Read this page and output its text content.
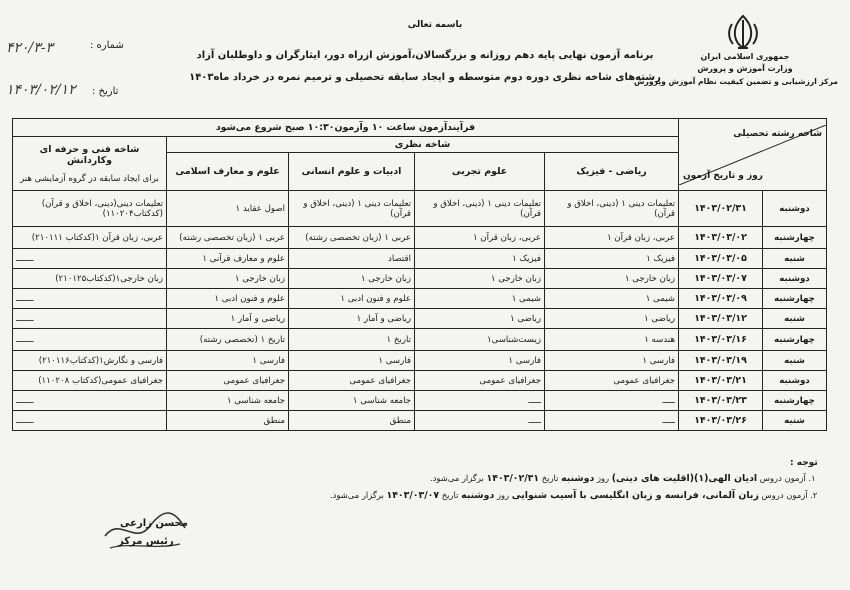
جمهوری اسلامی ایران
وزارت آموزش و پرورش
مرکز ارزشیابی و تضمین کیفیت نظام آموزش وپرورش
باسمه تعالی
برنامه آزمون نهایی پایه دهم روزانه و بزرگسالان،آموزش ازراه دور، ایثارگران و داوطلبان آزاد
رشته‌های شاخه نظری دوره دوم متوسطه و ایجاد سابقه تحصیلی و ترمیم نمره در خرداد ماه۱۴۰۳
شماره :
۴۲۰/۳-۳
تاریخ :
۱۴۰۳/۰۲/۱۲
شاخه رشته تحصیلی
روز و تاریخ آزمون		فرآیندآزمون ساعت ۱۰ وآزمون۱۰:۳۰ صبح شروع می‌شود				
		شاخه نظری				شاخه فنی و حرفه ای وکاردانش
برای ایجاد سابقه در گروه آزمایشی هنر

		ریاضی - فیزیک	علوم تجربی	ادبیات و علوم انسانی	علوم و معارف اسلامی	
دوشنبه	۱۴۰۳/۰۲/۳۱	تعلیمات دینی ۱ (دینی، اخلاق و قرآن)	تعلیمات دینی ۱ (دینی، اخلاق و قرآن)	تعلیمات دینی ۱ (دینی، اخلاق و قرآن)	اصول عقاید ۱	تعلیمات دینی(دینی، اخلاق و قرآن)(کدکتاب۱۱۰۲۰۴)
چهارشنبه	۱۴۰۳/۰۳/۰۲	عربی، زبان قرآن ۱	عربی، زبان قرآن ۱	عربی ۱ (زبان تخصصی رشته)	عربی ۱ (زبان تخصصی رشته)	عربی، زبان قرآن ۱(کدکتاب ۲۱۰۱۱۱)
شنبه	۱۴۰۳/۰۳/۰۵	فیزیک ۱	فیزیک ۱	اقتصاد	علوم و معارف قرآنی ۱	ـــــــ
دوشنبه	۱۴۰۳/۰۳/۰۷	زبان خارجی ۱	زبان خارجی ۱	زبان خارجی ۱	زبان خارجی ۱	زبان خارجی۱(کدکتاب۲۱۰۱۲۵)
چهارشنبه	۱۴۰۳/۰۳/۰۹	شیمی ۱	شیمی ۱	علوم و فنون ادبی ۱	علوم و فنون ادبی ۱	ـــــــ
شنبه	۱۴۰۳/۰۳/۱۲	ریاضی ۱	ریاضی ۱	ریاضی و آمار ۱	ریاضی و آمار ۱	ـــــــ
چهارشنبه	۱۴۰۳/۰۳/۱۶	هندسه ۱	زیست‌شناسی۱	تاریخ ۱	تاریخ ۱ (تخصصی رشته)	ـــــــ
شنبه	۱۴۰۳/۰۳/۱۹	فارسی ۱	فارسی ۱	فارسی ۱	فارسی ۱	فارسی و نگارش۱(کدکتاب۲۱۰۱۱۶)
دوشنبه	۱۴۰۳/۰۳/۲۱	جغرافیای عمومی	جغرافیای عمومی	جغرافیای عمومی	جغرافیای عمومی	جغرافیای عمومی(کدکتاب ۱۱۰۲۰۸)
چهارشنبه	۱۴۰۳/۰۳/۲۳	ـــــ	ـــــ	جامعه شناسی ۱	جامعه شناسی ۱	ـــــــ
شنبه	۱۴۰۳/۰۳/۲۶	ـــــ	ـــــ	منطق	منطق	ـــــــ
توجه :
۱. آزمون دروس ادیان الهی(۱)(اقلیت های دینی) روز دوشنبه تاریخ ۱۴۰۳/۰۲/۳۱ برگزار می‌شود.
۲. آزمون دروس زبان آلمانی، فرانسه و زبان انگلیسی با آسیب شنوایی روز دوشنبه تاریخ ۱۴۰۳/۰۳/۰۷ برگزار می‌شود.
محسن زارعی
رئیس مرکز
